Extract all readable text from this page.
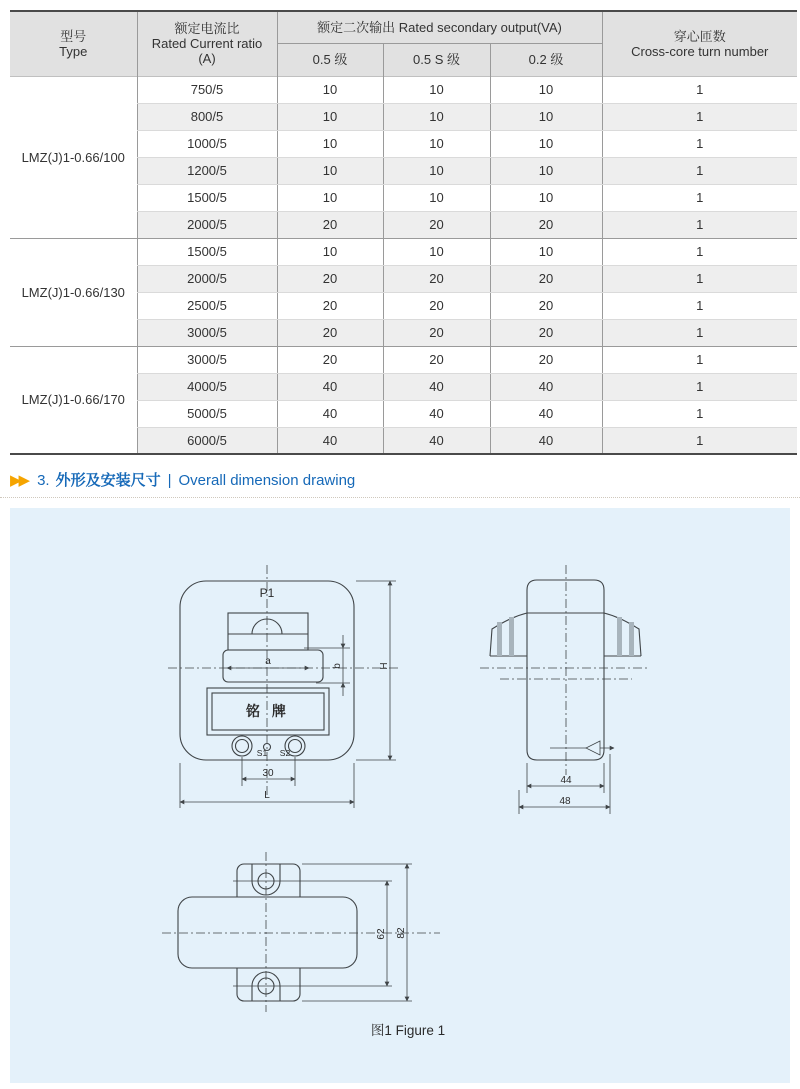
型号
Type

额定电流比
Rated Current ratio
(A)
	额定二次输出 Rated secondary output(VA)	
穿心匝数
Cross-core turn number

		0.5 级	0.5 S 级	0.2 级	
LMZ(J)1-0.66/100	750/5	10	10	10	1
	800/5	10	10	10	1
	1000/5	10	10	10	1
	1200/5	10	10	10	1
	1500/5	10	10	10	1
	2000/5	20	20	20	1
LMZ(J)1-0.66/130	1500/5	10	10	10	1
	2000/5	20	20	20	1
	2500/5	20	20	20	1
	3000/5	20	20	20	1
LMZ(J)1-0.66/170	3000/5	20	20	20	1
	4000/5	40	40	40	1
	5000/5	40	40	40	1
	6000/5	40	40	40	1
▶▶ 3. 外形及安装尺寸 | Overall dimension drawing
P1
a	b
铭 牌
S1 S2
30
L
H
44
48
62 82
图1 Figure 1
